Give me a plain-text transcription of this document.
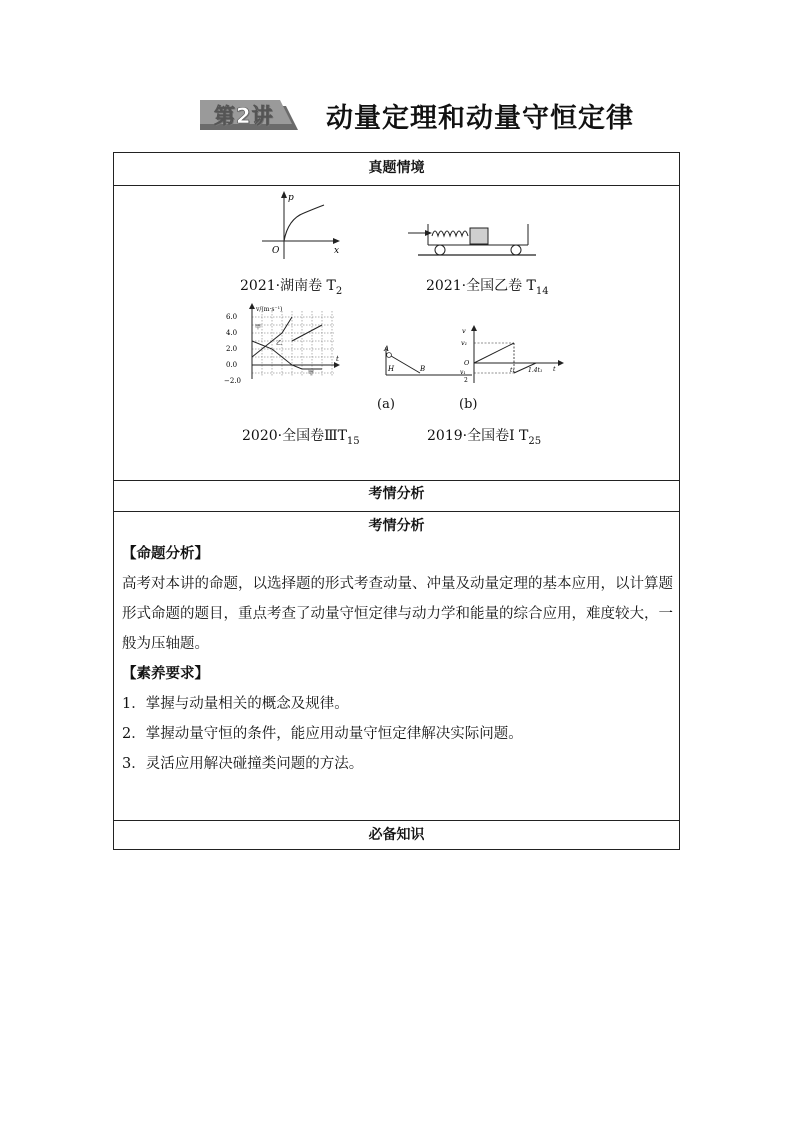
第2讲 动量定理和动量守恒定律
真题情境
p
x
O
2021·湖南卷 $T_2$	2021·全国乙卷 $T_{14}$
v/(m·s⁻¹)
t
6.0
4.0
2.0
0.0
−2.0
甲
乙
甲
A
H	B
v
v₁
O
v₁
2
t₁ 1.4t₁ t
(a)	(b)
2020·全国卷$ⅢT_{15}$	2019·全国卷Ⅰ $T_{25}$
考情分析
考情分析

【命题分析】

高考对本讲的命题，以选择题的形式考查动量、冲量及动量定理的基本应用，以计算题形式命题的题目，重点考查了动量守恒定律与动力学和能量的综合应用，难度较大，一般为压轴题。

【素养要求】

1．掌握与动量相关的概念及规律。

2．掌握动量守恒的条件，能应用动量守恒定律解决实际问题。

3．灵活应用解决碰撞类问题的方法。

必备知识
